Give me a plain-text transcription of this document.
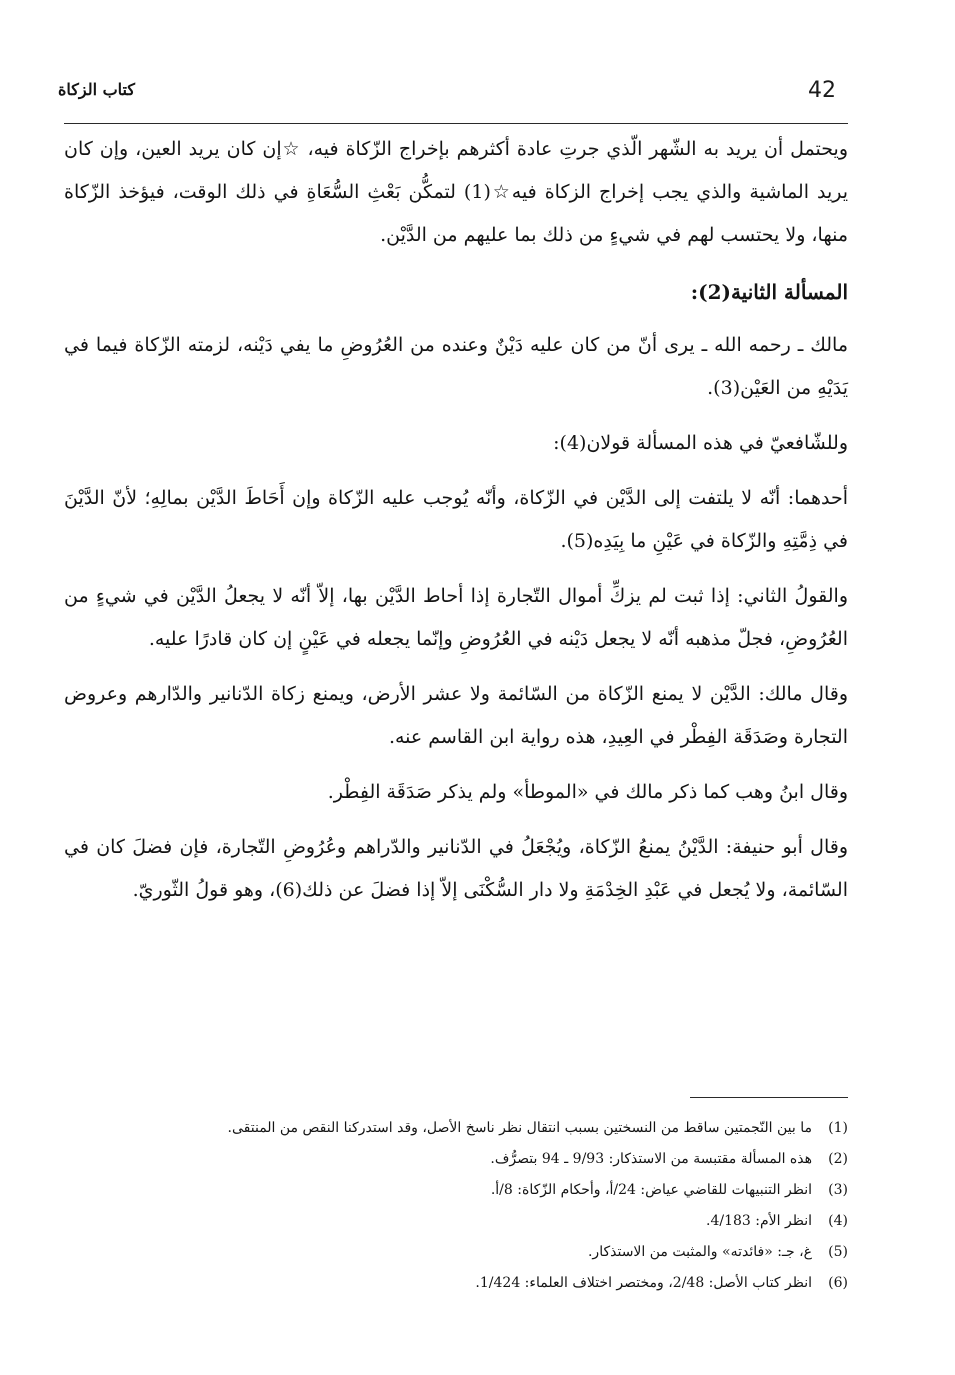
42
كتاب الزكاة

ويحتمل أن يريد به الشّهر الّذي جرتِ عادة أكثرهم بإخراج الزّكاة فيه، ☆إن كان يريد العين، وإن كان يريد الماشية والذي يجب إخراج الزكاة فيه☆(1) لتمكُّن بَعْثِ السُّعَاةِ في ذلك الوقت، فيؤخذ الزّكاة منها، ولا يحتسب لهم في شيءٍ من ذلك بما عليهم من الدَّيْن.

المسألة الثانية(2):

مالك ـ رحمه الله ـ يرى أنّ من كان عليه دَيْنٌ وعنده من العُرُوضِ ما يفي دَيْنه، لزمته الزّكاة فيما في يَدَيْهِ من العَيْن(3).

وللشّافعيّ في هذه المسألة قولان(4):

أحدهما: أنّه لا يلتفت إلى الدَّيْن في الزّكاة، وأنّه يُوجب عليه الزّكاة وإن أَحَاطَ الدَّيْن بمالِهِ؛ لأنّ الدَّيْنَ في ذِمَّتِهِ والزّكاة في عَيْنِ ما بِيَدِه(5).

والقولُ الثاني: إذا ثبت لم يزكِّ أموال التّجارة إذا أحاط الدَّيْن بها، إلاّ أنّه لا يجعلُ الدَّيْن في شيءٍ من العُرُوضِ، فجلّ مذهبه أنّه لا يجعل دَيْنه في العُرُوضِ وإنّما يجعله في عَيْنٍ إن كان قادرًا عليه.

وقال مالك: الدَّيْن لا يمنع الزّكاة من السّائمة ولا عشر الأرض، ويمنع زكاة الدّنانير والدّارهم وعروض التجارة وصَدَقَة الفِطْر في العِيدِ، هذه رواية ابن القاسم عنه.

وقال ابنُ وهب كما ذكر مالك في «الموطأ» ولم يذكر صَدَقَة الفِطْر.

وقال أبو حنيفة: الدَّيْنُ يمنعُ الزّكاة، ويُجْعَلُ في الدّنانير والدّراهم وعُرُوضِ التّجارة، فإن فضلَ كان في السّائمة، ولا يُجعل في عَبْدِ الخِدْمَةِ ولا دار السُّكْنَى إلاّ إذا فضلَ عن ذلك(6)، وهو قولُ الثّوريّ.

(1)ما بين النّجمتين ساقط من النسختين بسبب انتقال نظر ناسخ الأصل، وقد استدركنا النقص من المنتقى.
(2)هذه المسألة مقتبسة من الاستذكار: 9/93 ـ 94 بتصرُّف.
(3)انظر التنبيهات للقاضي عياض: 24/أ، وأحكام الزّكاة: 8/أ.
(4)انظر الأم: 4/183.
(5)غ، جـ: «فائدته» والمثبت من الاستذكار.
(6)انظر كتاب الأصل: 2/48، ومختصر اختلاف العلماء: 1/424.
